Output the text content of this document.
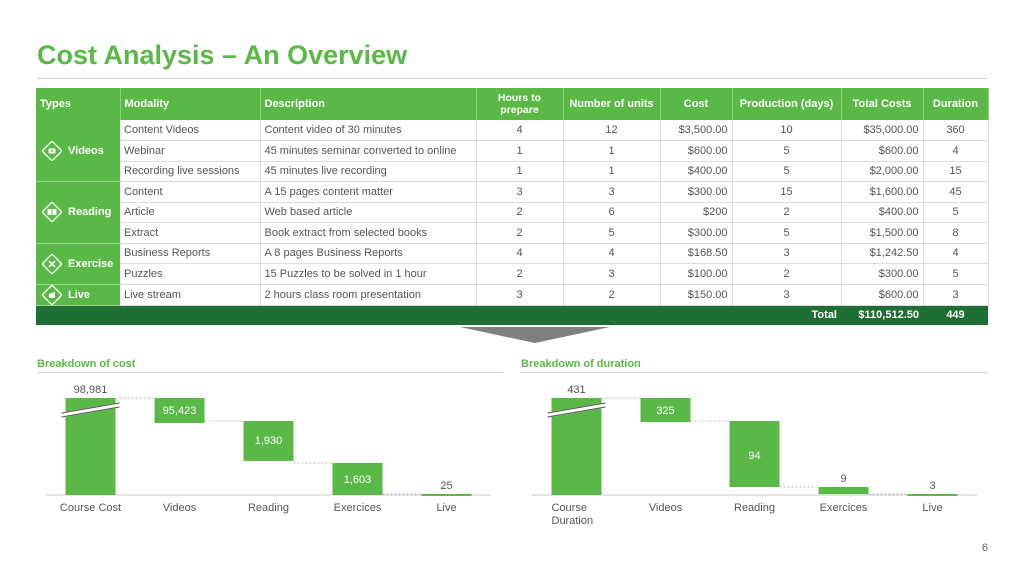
Cost Analysis – An Overview
Types	Modality	Description	Hours to prepare	Number of units	Cost	Production (days)	Total Costs	Duration

Videos	Content Videos	Content video of 30 minutes	4	12	$3,500.00	10	$35,000.00	360
	Webinar	45 minutes seminar converted to online	1	1	$600.00	5	$600.00	4
	Recording live sessions	45 minutes live recording	1	1	$400.00	5	$2,000.00	15

Reading	Content	A 15 pages content matter	3	3	$300.00	15	$1,600.00	45
	Article	Web based article	2	6	$200	2	$400.00	5
	Extract	Book extract from selected books	2	5	$300.00	5	$1,500.00	8

Exercise	Business Reports	A 8 pages Business Reports	4	4	$168.50	3	$1,242.50	4
	Puzzles	15 Puzzles to be solved in 1 hour	2	3	$100.00	2	$300.00	5

Live	Live stream	2 hours class room presentation	3	2	$150.00	3	$600.00	3
Total							$110,512.50	449
Breakdown of cost	Breakdown of duration
98,981
Course Cost
95,423
Videos
1,930
Reading
1,603
Exercices
25
Live
431
Course
Duration
325
Videos
94
Reading
9
Exercices
3
Live
6
